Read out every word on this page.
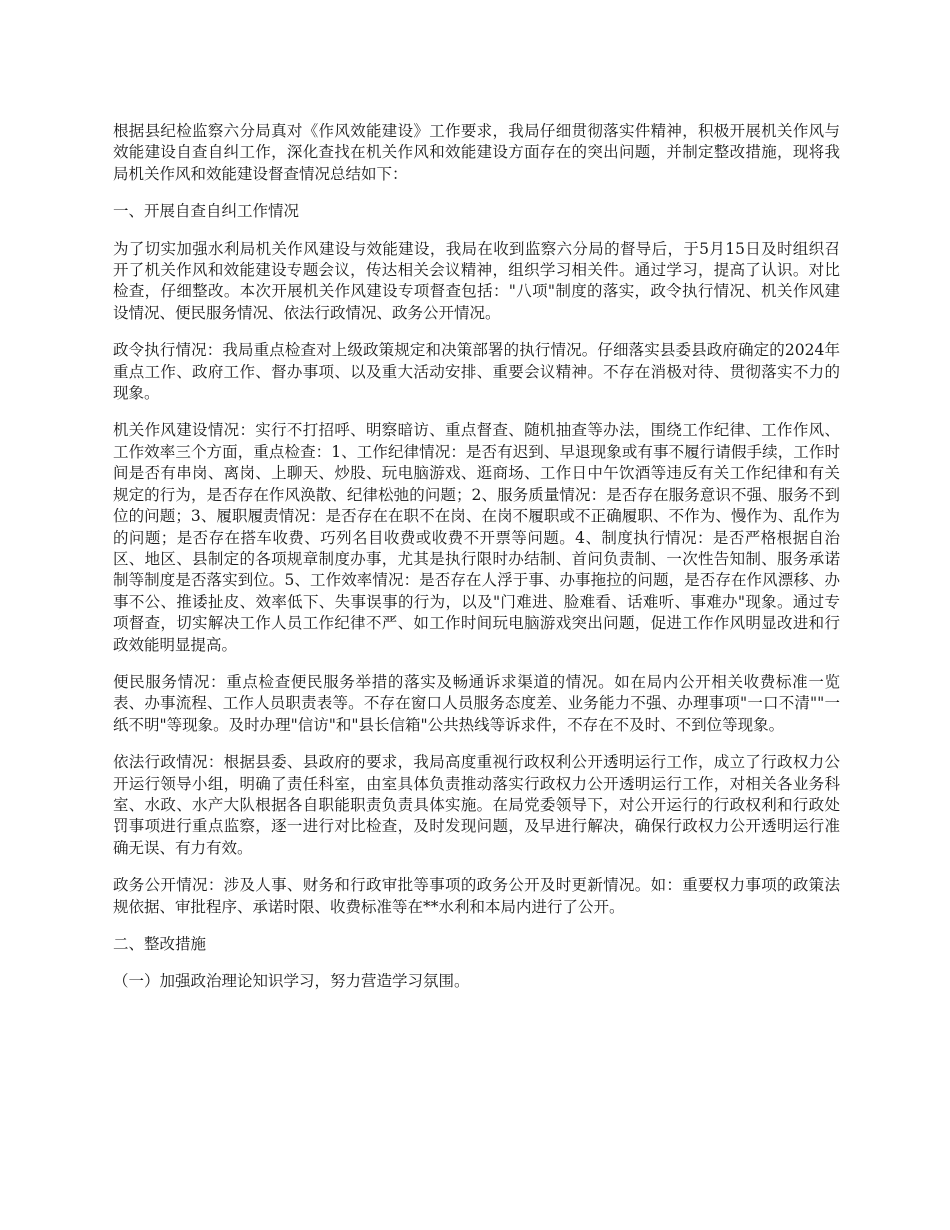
根据县纪检监察六分局真对《作风效能建设》工作要求，我局仔细贯彻落实件精神，积极开展机关作风与效能建设自查自纠工作，深化查找在机关作风和效能建设方面存在的突出问题，并制定整改措施，现将我局机关作风和效能建设督查情况总结如下：

一、开展自查自纠工作情况

为了切实加强水利局机关作风建设与效能建设，我局在收到监察六分局的督导后，于5月15日及时组织召开了机关作风和效能建设专题会议，传达相关会议精神，组织学习相关件。通过学习，提高了认识。对比检查，仔细整改。本次开展机关作风建设专项督查包括："八项"制度的落实，政令执行情况、机关作风建设情况、便民服务情况、依法行政情况、政务公开情况。

政令执行情况：我局重点检查对上级政策规定和决策部署的执行情况。仔细落实县委县政府确定的2024年重点工作、政府工作、督办事项、以及重大活动安排、重要会议精神。不存在消极对待、贯彻落实不力的现象。

机关作风建设情况：实行不打招呼、明察暗访、重点督查、随机抽查等办法，围绕工作纪律、工作作风、工作效率三个方面，重点检查：1、工作纪律情况：是否有迟到、早退现象或有事不履行请假手续，工作时间是否有串岗、离岗、上聊天、炒股、玩电脑游戏、逛商场、工作日中午饮酒等违反有关工作纪律和有关规定的行为，是否存在作风涣散、纪律松弛的问题；2、服务质量情况：是否存在服务意识不强、服务不到位的问题；3、履职履责情况：是否存在在职不在岗、在岗不履职或不正确履职、不作为、慢作为、乱作为的问题；是否存在搭车收费、巧列名目收费或收费不开票等问题。4、制度执行情况：是否严格根据自治区、地区、县制定的各项规章制度办事，尤其是执行限时办结制、首问负责制、一次性告知制、服务承诺制等制度是否落实到位。5、工作效率情况：是否存在人浮于事、办事拖拉的问题，是否存在作风漂移、办事不公、推诿扯皮、效率低下、失事误事的行为，以及"门难进、脸难看、话难听、事难办"现象。通过专项督查，切实解决工作人员工作纪律不严、如工作时间玩电脑游戏突出问题，促进工作作风明显改进和行政效能明显提高。

便民服务情况：重点检查便民服务举措的落实及畅通诉求渠道的情况。如在局内公开相关收费标准一览表、办事流程、工作人员职责表等。不存在窗口人员服务态度差、业务能力不强、办理事项"一口不清""一纸不明"等现象。及时办理"信访"和"县长信箱"公共热线等诉求件，不存在不及时、不到位等现象。

依法行政情况：根据县委、县政府的要求，我局高度重视行政权利公开透明运行工作，成立了行政权力公开运行领导小组，明确了责任科室，由室具体负责推动落实行政权力公开透明运行工作，对相关各业务科室、水政、水产大队根据各自职能职责负责具体实施。在局党委领导下，对公开运行的行政权利和行政处罚事项进行重点监察，逐一进行对比检查，及时发现问题，及早进行解决，确保行政权力公开透明运行准确无误、有力有效。

政务公开情况：涉及人事、财务和行政审批等事项的政务公开及时更新情况。如：重要权力事项的政策法规依据、审批程序、承诺时限、收费标准等在**水利和本局内进行了公开。

二、整改措施

（一）加强政治理论知识学习，努力营造学习氛围。
